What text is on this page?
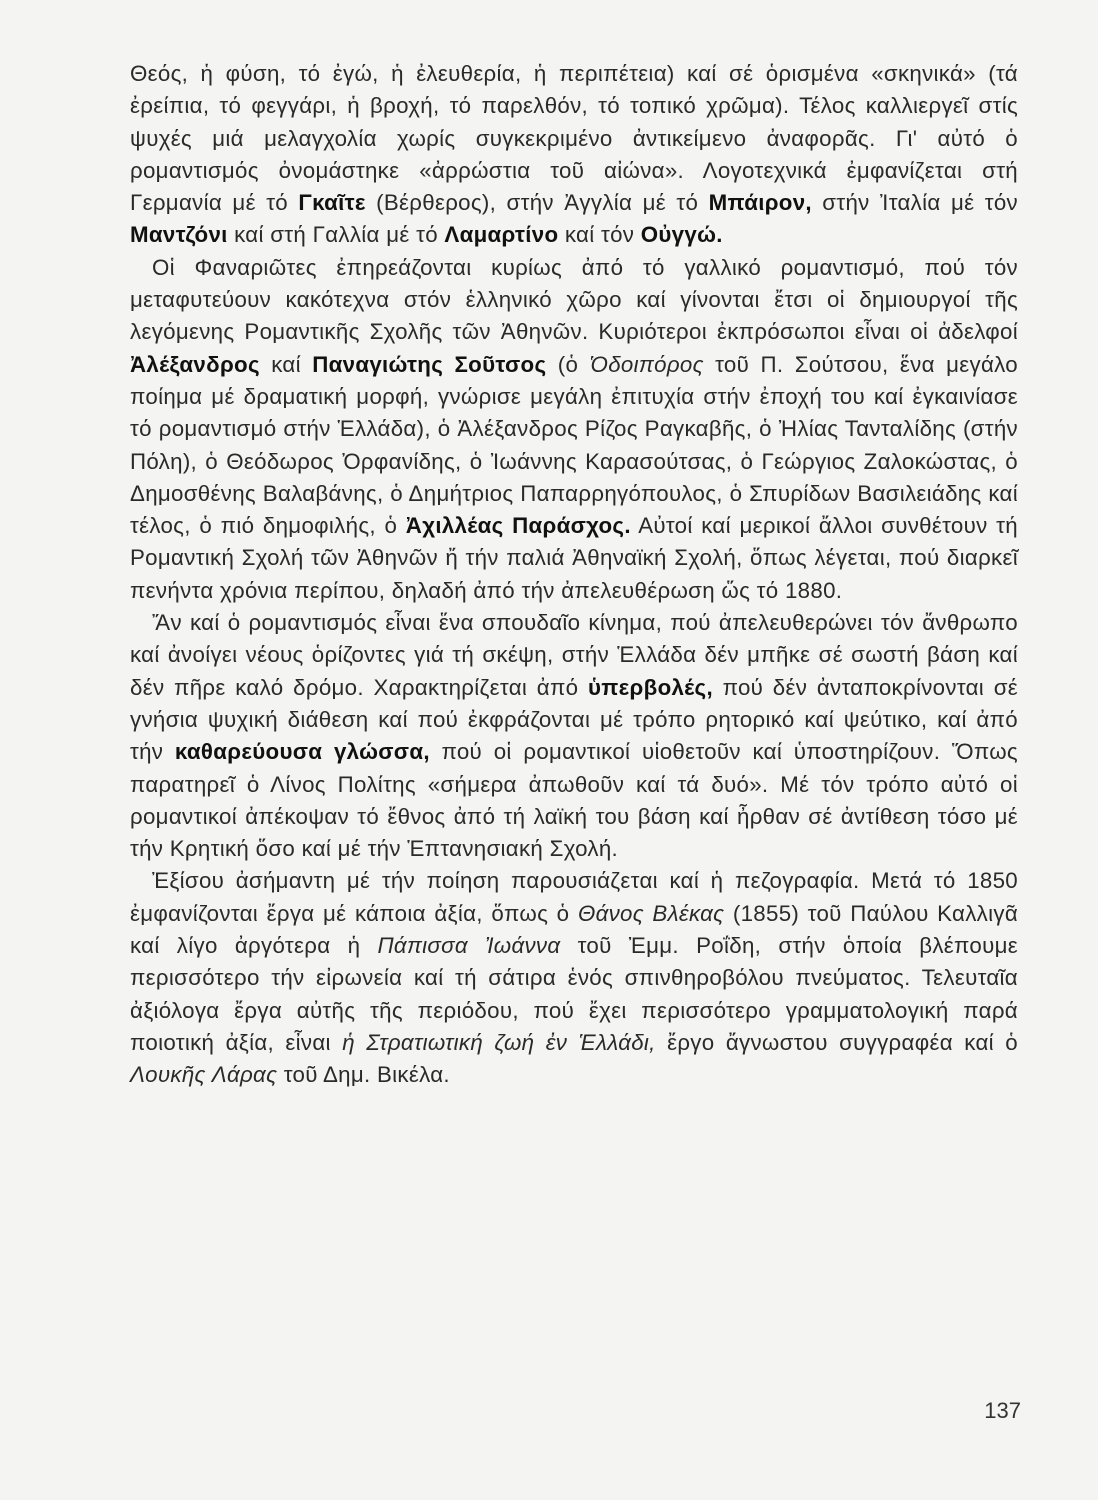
Θεός, ἡ φύση, τό ἐγώ, ἡ ἐλευθερία, ἡ περιπέτεια) καί σέ ὁρισμένα «σκηνικά» (τά ἐρείπια, τό φεγγάρι, ἡ βροχή, τό παρελθόν, τό τοπικό χρῶμα). Τέλος καλλιεργεῖ στίς ψυχές μιά μελαγχολία χωρίς συγκεκριμένο ἀντικείμενο ἀναφορᾶς. Γι' αὐτό ὁ ρομαντισμός ὀνομάστηκε «ἀρρώστια τοῦ αἰώνα». Λογοτεχνικά ἐμφανίζεται στή Γερμανία μέ τό Γκαῖτε (Βέρθερος), στήν Ἀγγλία μέ τό Μπάιρον, στήν Ἰταλία μέ τόν Μαντζόνι καί στή Γαλλία μέ τό Λαμαρτίνο καί τόν Οὐγγώ.

Οἱ Φαναριῶτες ἐπηρεάζονται κυρίως ἀπό τό γαλλικό ρομαντισμό, πού τόν μεταφυτεύουν κακότεχνα στόν ἑλληνικό χῶρο καί γίνονται ἔτσι οἱ δημιουργοί τῆς λεγόμενης Ρομαντικῆς Σχολῆς τῶν Ἀθηνῶν. Κυριότεροι ἐκπρόσωποι εἶναι οἱ ἀδελφοί Ἀλέξανδρος καί Παναγιώτης Σοῦτσος (ὁ Ὁδοιπόρος τοῦ Π. Σούτσου, ἕνα μεγάλο ποίημα μέ δραματική μορφή, γνώρισε μεγάλη ἐπιτυχία στήν ἐποχή του καί ἐγκαινίασε τό ρομαντισμό στήν Ἑλλάδα), ὁ Ἀλέξανδρος Ρίζος Ραγκαβῆς, ὁ Ἠλίας Τανταλίδης (στήν Πόλη), ὁ Θεόδωρος Ὀρφανίδης, ὁ Ἰωάννης Καρασούτσας, ὁ Γεώργιος Ζαλοκώστας, ὁ Δημοσθένης Βαλαβάνης, ὁ Δημήτριος Παπαρρηγόπουλος, ὁ Σπυρίδων Βασιλειάδης καί τέλος, ὁ πιό δημοφιλής, ὁ Ἀχιλλέας Παράσχος. Αὐτοί καί μερικοί ἄλλοι συνθέτουν τή Ρομαντική Σχολή τῶν Ἀθηνῶν ἤ τήν παλιά Ἀθηναϊκή Σχολή, ὅπως λέγεται, πού διαρκεῖ πενήντα χρόνια περίπου, δηλαδή ἀπό τήν ἀπελευθέρωση ὥς τό 1880.

Ἄν καί ὁ ρομαντισμός εἶναι ἕνα σπουδαῖο κίνημα, πού ἀπελευθερώνει τόν ἄνθρωπο καί ἀνοίγει νέους ὁρίζοντες γιά τή σκέψη, στήν Ἑλλάδα δέν μπῆκε σέ σωστή βάση καί δέν πῆρε καλό δρόμο. Χαρακτηρίζεται ἀπό ὑπερβολές, πού δέν ἀνταποκρίνονται σέ γνήσια ψυχική διάθεση καί πού ἐκφράζονται μέ τρόπο ρητορικό καί ψεύτικο, καί ἀπό τήν καθαρεύουσα γλώσσα, πού οἱ ρομαντικοί υἱοθετοῦν καί ὑποστηρίζουν. Ὅπως παρατηρεῖ ὁ Λίνος Πολίτης «σήμερα ἀπωθοῦν καί τά δυό». Μέ τόν τρόπο αὐτό οἱ ρομαντικοί ἀπέκοψαν τό ἔθνος ἀπό τή λαϊκή του βάση καί ἦρθαν σέ ἀντίθεση τόσο μέ τήν Κρητική ὅσο καί μέ τήν Ἑπτανησιακή Σχολή.

Ἐξίσου ἀσήμαντη μέ τήν ποίηση παρουσιάζεται καί ἡ πεζογραφία. Μετά τό 1850 ἐμφανίζονται ἔργα μέ κάποια ἀξία, ὅπως ὁ Θάνος Βλέκας (1855) τοῦ Παύλου Καλλιγᾶ καί λίγο ἀργότερα ἡ Πάπισσα Ἰωάννα τοῦ Ἐμμ. Ροΐδη, στήν ὁποία βλέπουμε περισσότερο τήν εἰρωνεία καί τή σάτιρα ἑνός σπινθηροβόλου πνεύματος. Τελευταῖα ἀξιόλογα ἔργα αὐτῆς τῆς περιόδου, πού ἔχει περισσότερο γραμματολογική παρά ποιοτική ἀξία, εἶναι ἡ Στρατιωτική ζωή ἐν Ἑλλάδι, ἔργο ἄγνωστου συγγραφέα καί ὁ Λουκῆς Λάρας τοῦ Δημ. Βικέλα.

137
